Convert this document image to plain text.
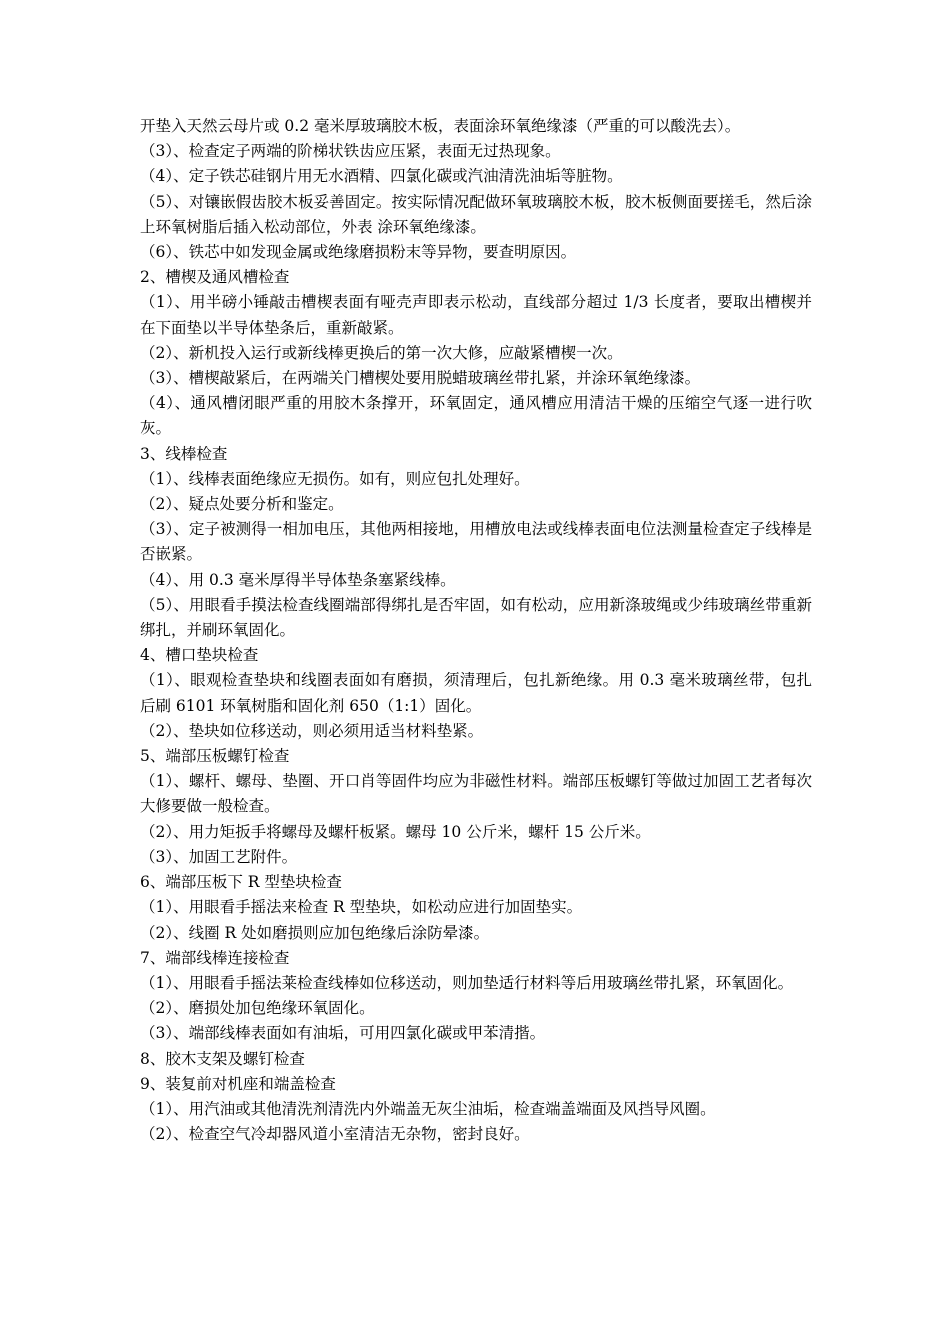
开垫入天然云母片或 0.2 毫米厚玻璃胶木板，表面涂环氧绝缘漆（严重的可以酸洗去）。

（3）、检查定子两端的阶梯状铁齿应压紧，表面无过热现象。

（4）、定子铁芯硅钢片用无水酒精、四氯化碳或汽油清洗油垢等脏物。

（5）、对镶嵌假齿胶木板妥善固定。按实际情况配做环氧玻璃胶木板，胶木板侧面要搓毛，然后涂上环氧树脂后插入松动部位，外表 涂环氧绝缘漆。

（6）、铁芯中如发现金属或绝缘磨损粉末等异物，要查明原因。

2、槽楔及通风槽检查

（1）、用半磅小锤敲击槽楔表面有哑壳声即表示松动，直线部分超过 1/3 长度者，要取出槽楔并在下面垫以半导体垫条后，重新敲紧。

（2）、新机投入运行或新线棒更换后的第一次大修，应敲紧槽楔一次。

（3）、槽楔敲紧后，在两端关门槽楔处要用脱蜡玻璃丝带扎紧，并涂环氧绝缘漆。

（4）、通风槽闭眼严重的用胶木条撑开，环氧固定，通风槽应用清洁干燥的压缩空气逐一进行吹灰。

3、线棒检查

（1）、线棒表面绝缘应无损伤。如有，则应包扎处理好。

（2）、疑点处要分析和鉴定。

（3）、定子被测得一相加电压，其他两相接地，用槽放电法或线棒表面电位法测量检查定子线棒是否嵌紧。

（4）、用 0.3 毫米厚得半导体垫条塞紧线棒。

（5）、用眼看手摸法检查线圈端部得绑扎是否牢固，如有松动，应用新涤玻绳或少纬玻璃丝带重新绑扎，并刷环氧固化。

4、槽口垫块检查

（1）、眼观检查垫块和线圈表面如有磨损，须清理后，包扎新绝缘。用 0.3 毫米玻璃丝带，包扎后刷 6101 环氧树脂和固化剂 650（1:1）固化。

（2）、垫块如位移送动，则必须用适当材料垫紧。

5、端部压板螺钉检查

（1）、螺杆、螺母、垫圈、开口肖等固件均应为非磁性材料。端部压板螺钉等做过加固工艺者每次大修要做一般检查。

（2）、用力矩扳手将螺母及螺杆板紧。螺母 10 公斤米，螺杆 15 公斤米。

（3）、加固工艺附件。

6、端部压板下 R 型垫块检查

（1）、用眼看手摇法来检查 R 型垫块，如松动应进行加固垫实。

（2）、线圈 R 处如磨损则应加包绝缘后涂防晕漆。

7、端部线棒连接检查

（1）、用眼看手摇法莱检查线棒如位移送动，则加垫适行材料等后用玻璃丝带扎紧，环氧固化。

（2）、磨损处加包绝缘环氧固化。

（3）、端部线棒表面如有油垢，可用四氯化碳或甲苯清揩。

8、胶木支架及螺钉检查

9、装复前对机座和端盖检查

（1）、用汽油或其他清洗剂清洗内外端盖无灰尘油垢，检查端盖端面及风挡导风圈。

（2）、检查空气冷却器风道小室清洁无杂物，密封良好。
